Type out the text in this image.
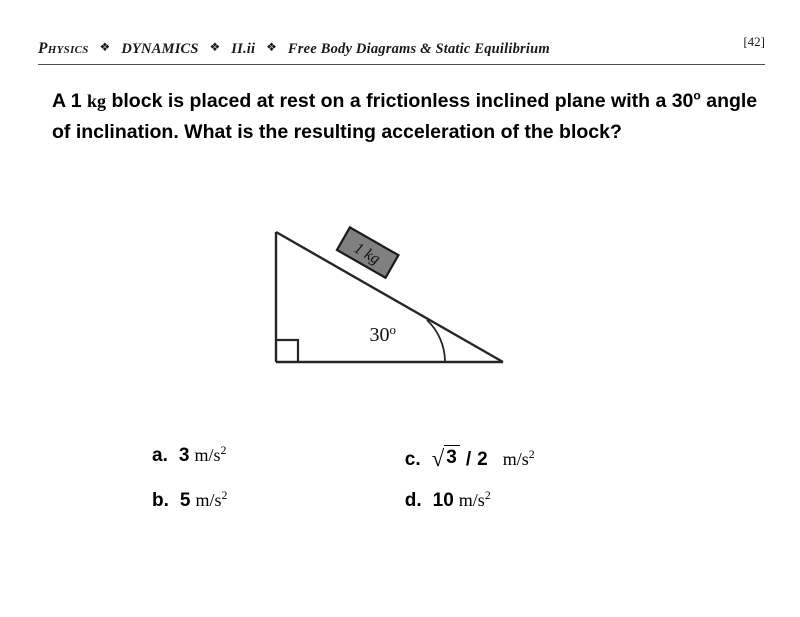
Physics ❖ DYNAMICS ❖ II.ii ❖ Free Body Diagrams & Static Equilibrium	[42]
A 1 kg block is placed at rest on a frictionless inclined plane with a 30$^o$ angle of inclination. What is the resulting acceleration of the block?
30$^o$
1 kg
a. 3 $m/s^2$	c. √ 3 / 2 $m/s^2$
b. 5 $m/s^2$	d. 10 $m/s^2$
